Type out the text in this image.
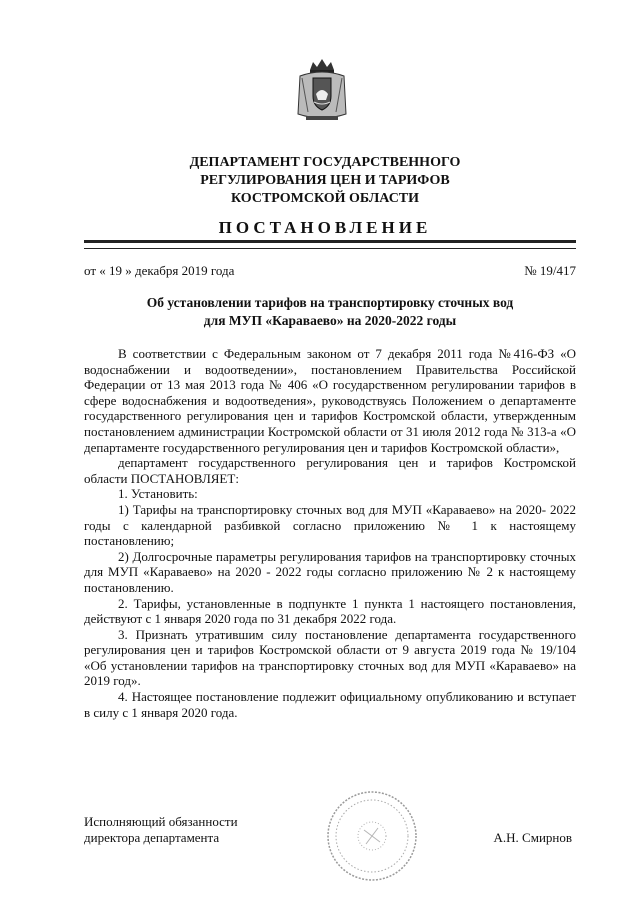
ДЕПАРТАМЕНТ ГОСУДАРСТВЕННОГО
РЕГУЛИРОВАНИЯ ЦЕН И ТАРИФОВ
КОСТРОМСКОЙ ОБЛАСТИ
ПОСТАНОВЛЕНИЕ
от « 19 » декабря 2019 года	№ 19/417
Об установлении тарифов на транспортировку сточных вод
для МУП «Караваево» на 2020-2022 годы

В соответствии с Федеральным законом от 7 декабря 2011 года №416-ФЗ «О водоснабжении и водоотведении», постановлением Правительства Российской Федерации от 13 мая 2013 года № 406 «О государственном регулировании тарифов в сфере водоснабжения и водоотведения», руководствуясь Положением о департаменте государственного регулирования цен и тарифов Костромской области, утвержденным постановлением администрации Костромской области от 31 июля 2012 года № 313-а «О департаменте государственного регулирования цен и тарифов Костромской области»,

департамент государственного регулирования цен и тарифов Костромской области ПОСТАНОВЛЯЕТ:

1. Установить:

1) Тарифы на транспортировку сточных вод для МУП «Караваево» на 2020- 2022 годы с календарной разбивкой согласно приложению № 1 к настоящему постановлению;

2) Долгосрочные параметры регулирования тарифов на транспортировку сточных для МУП «Караваево» на 2020 - 2022 годы согласно приложению № 2 к настоящему постановлению.

2. Тарифы, установленные в подпункте 1 пункта 1 настоящего постановления, действуют с 1 января 2020 года по 31 декабря 2022 года.

3. Признать утратившим силу постановление департамента государственного регулирования цен и тарифов Костромской области от 9 августа 2019 года № 19/104 «Об установлении тарифов на транспортировку сточных вод для МУП «Караваево» на 2019 год».

4. Настоящее постановление подлежит официальному опубликованию и вступает в силу с 1 января 2020 года.

Исполняющий обязанности
директора департамента	А.Н. Смирнов
